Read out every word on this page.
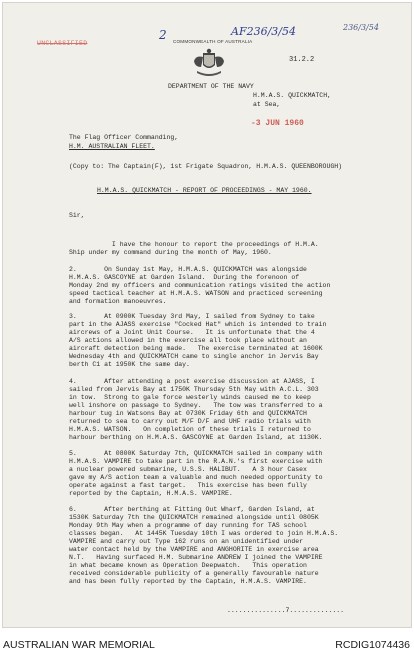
UNCLASSIFIED
2	AF236/3/54	236/3/54
COMMONWEALTH OF AUSTRALIA
31.2.2
DEPARTMENT OF THE NAVY
H.M.A.S. QUICKMATCH,
at Sea,
-3 JUN 1960
The Flag Officer Commanding,
H.M. AUSTRALIAN FLEET.
(Copy to: The Captain(F), 1st Frigate Squadron, H.M.A.S. QUEENBOROUGH)
H.M.A.S. QUICKMATCH - REPORT OF PROCEEDINGS - MAY 1960.
Sir,
I have the honour to report the proceedings of H.M.A.
Ship under my command during the month of May, 1960.
2.       On Sunday 1st May, H.M.A.S. QUICKMATCH was alongside
H.M.A.S. GASCOYNE at Garden Island.  During the forenoon of
Monday 2nd my officers and communication ratings visited the action
speed tactical teacher at H.M.A.S. WATSON and practiced screening
and formation manoeuvres.
3.       At 0900K Tuesday 3rd May, I sailed from Sydney to take
part in the AJASS exercise "Cocked Hat" which is intended to train
aircrews of a Joint Unit Course.   It is unfortunate that the 4
A/S actions allowed in the exercise all took place without an
aircraft detection being made.   The exercise terminated at 1600K
Wednesday 4th and QUICKMATCH came to single anchor in Jervis Bay
berth C1 at 1950K the same day.
4.       After attending a post exercise discussion at AJASS, I
sailed from Jervis Bay at 1750K Thursday 5th May with A.C.L. 303
in tow.  Strong to gale force westerly winds caused me to keep
well inshore on passage to Sydney.   The tow was transferred to a
harbour tug in Watsons Bay at 0730K Friday 6th and QUICKMATCH
returned to sea to carry out M/F D/F and UHF radio trials with
H.M.A.S. WATSON.   On completion of these trials I returned to
harbour berthing on H.M.A.S. GASCOYNE at Garden Island, at 1130K.
5.       At 0800K Saturday 7th, QUICKMATCH sailed in company with
H.M.A.S. VAMPIRE to take part in the R.A.N.'s first exercise with
a nuclear powered submarine, U.S.S. HALIBUT.   A 3 hour Casex
gave my A/S action team a valuable and much needed opportunity to
operate against a fast target.   This exercise has been fully
reported by the Captain, H.M.A.S. VAMPIRE.
6.       After berthing at Fitting Out Wharf, Garden Island, at
1530K Saturday 7th the QUICKMATCH remained alongside until 0805K
Monday 9th May when a programme of day running for TAS school
classes began.   At 1445K Tuesday 10th I was ordered to join H.M.A.S.
VAMPIRE and carry out Type 162 runs on an unidentified under
water contact held by the VAMPIRE and ANGHORITE in exercise area
N.T.   Having surfaced H.M. Submarine ANDREW I joined the VAMPIRE
in what became known as Operation Deepwatch.   This operation
received considerable publicity of a generally favourable nature
and has been fully reported by the Captain, H.M.A.S. VAMPIRE.
...............7..............
AUSTRALIAN WAR MEMORIAL	RCDIG1074436
